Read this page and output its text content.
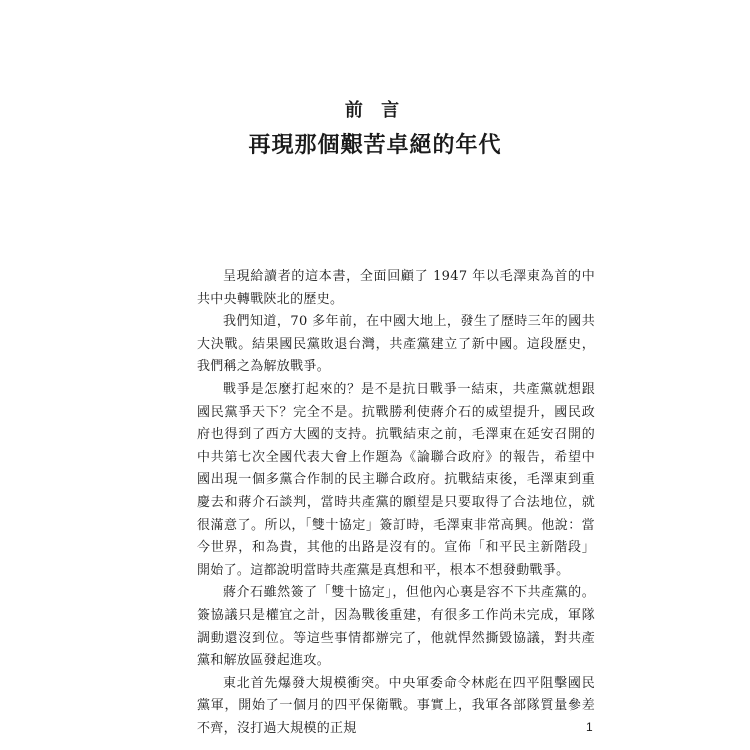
前 言
再現那個艱苦卓絕的年代

呈現給讀者的這本書，全面回顧了 1947 年以毛澤東為首的中共中央轉戰陝北的歷史。

我們知道，70 多年前，在中國大地上，發生了歷時三年的國共大決戰。結果國民黨敗退台灣，共產黨建立了新中國。這段歷史，我們稱之為解放戰爭。

戰爭是怎麼打起來的？是不是抗日戰爭一結束，共產黨就想跟國民黨爭天下？完全不是。抗戰勝利使蔣介石的威望提升，國民政府也得到了西方大國的支持。抗戰結束之前，毛澤東在延安召開的中共第七次全國代表大會上作題為《論聯合政府》的報告，希望中國出現一個多黨合作制的民主聯合政府。抗戰結束後，毛澤東到重慶去和蔣介石談判，當時共產黨的願望是只要取得了合法地位，就很滿意了。所以，「雙十協定」簽訂時，毛澤東非常高興。他說：當今世界，和為貴，其他的出路是沒有的。宣佈「和平民主新階段」開始了。這都說明當時共產黨是真想和平，根本不想發動戰爭。

蔣介石雖然簽了「雙十協定」，但他內心裏是容不下共產黨的。簽協議只是權宜之計，因為戰後重建，有很多工作尚未完成，軍隊調動還沒到位。等這些事情都辦完了，他就悍然撕毀協議，對共產黨和解放區發起進攻。

東北首先爆發大規模衝突。中央軍委命令林彪在四平阻擊國民黨軍，開始了一個月的四平保衛戰。事實上，我軍各部隊質量參差不齊，沒打過大規模的正規	1
